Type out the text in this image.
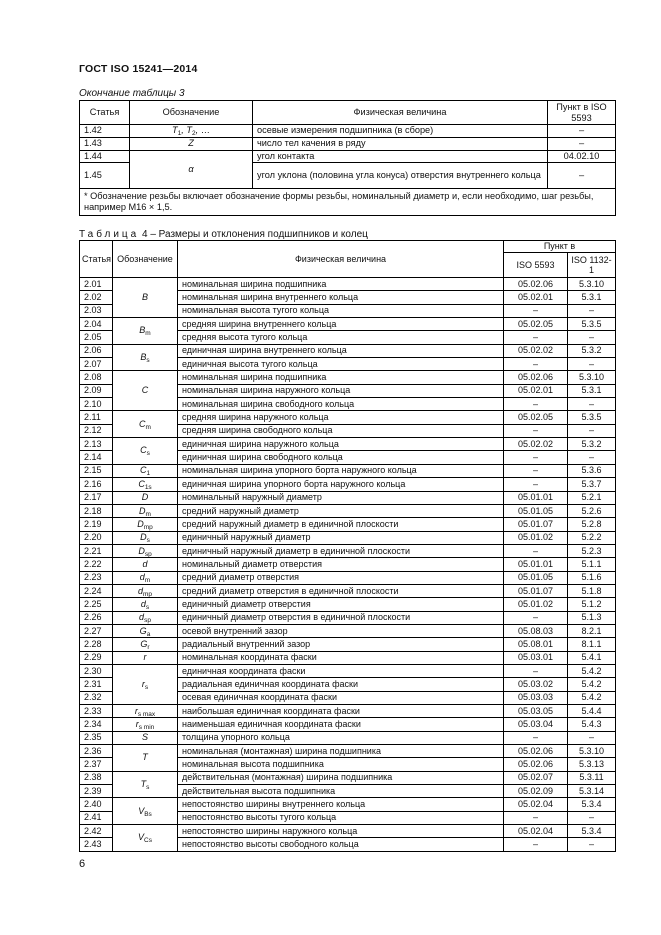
ГОСТ ISO 15241—2014
Окончание таблицы 3
Статья	Обозначение	Физическая величина	Пункт в ISO 5593
1.42	$T_1$, $T_2$, …	осевые измерения подшипника (в сборе)	–
1.43	Z	число тел качения в ряду	–
1.44	α	угол контакта	04.02.10
1.45		угол уклона (половина угла конуса) отверстия внутреннего кольца	–
* Обозначение резьбы включает обозначение формы резьбы, номинальный диаметр и, если необходимо, шаг резьбы, например M16 × 1,5.			
Таблица 4 – Размеры и отклонения подшипников и колец
Статья	Обозначение	Физическая величина	Пункт в	
			ISO 5593	ISO 1132-1
2.01	B	номинальная ширина подшипника	05.02.06	5.3.10
2.02		номинальная ширина внутреннего кольца	05.02.01	5.3.1
2.03		номинальная высота тугого кольца	–	–
2.04	$B_m$	средняя ширина внутреннего кольца	05.02.05	5.3.5
2.05		средняя высота тугого кольца	–	–
2.06	$B_s$	единичная ширина внутреннего кольца	05.02.02	5.3.2
2.07		единичная высота тугого кольца	–	–
2.08	C	номинальная ширина подшипника	05.02.06	5.3.10
2.09		номинальная ширина наружного кольца	05.02.01	5.3.1
2.10		номинальная ширина свободного кольца	–	–
2.11	$C_m$	средняя ширина наружного кольца	05.02.05	5.3.5
2.12		средняя ширина свободного кольца	–	–
2.13	$C_s$	единичная ширина наружного кольца	05.02.02	5.3.2
2.14		единичная ширина свободного кольца	–	–
2.15	$C_1$	номинальная ширина упорного борта наружного кольца	–	5.3.6
2.16	$C_{1s}$	единичная ширина упорного борта наружного кольца	–	5.3.7
2.17	D	номинальный наружный диаметр	05.01.01	5.2.1
2.18	$D_m$	средний наружный диаметр	05.01.05	5.2.6
2.19	$D_{mp}$	средний наружный диаметр в единичной плоскости	05.01.07	5.2.8
2.20	$D_s$	единичный наружный диаметр	05.01.02	5.2.2
2.21	$D_{sp}$	единичный наружный диаметр в единичной плоскости	–	5.2.3
2.22	d	номинальный диаметр отверстия	05.01.01	5.1.1
2.23	$d_m$	средний диаметр отверстия	05.01.05	5.1.6
2.24	$d_{mp}$	средний диаметр отверстия в единичной плоскости	05.01.07	5.1.8
2.25	$d_s$	единичный диаметр отверстия	05.01.02	5.1.2
2.26	$d_{sp}$	единичный диаметр отверстия в единичной плоскости	–	5.1.3
2.27	$G_a$	осевой внутренний зазор	05.08.03	8.2.1
2.28	$G_r$	радиальный внутренний зазор	05.08.01	8.1.1
2.29	r	номинальная координата фаски	05.03.01	5.4.1
2.30	$r_s$	единичная координата фаски	–	5.4.2
2.31		радиальная единичная координата фаски	05.03.02	5.4.2
2.32		осевая единичная координата фаски	05.03.03	5.4.2
2.33	$r_{s max}$	наибольшая единичная координата фаски	05.03.05	5.4.4
2.34	$r_{s min}$	наименьшая единичная координата фаски	05.03.04	5.4.3
2.35	S	толщина упорного кольца	–	–
2.36	T	номинальная (монтажная) ширина подшипника	05.02.06	5.3.10
2.37		номинальная высота подшипника	05.02.06	5.3.13
2.38	$T_s$	действительная (монтажная) ширина подшипника	05.02.07	5.3.11
2.39		действительная высота подшипника	05.02.09	5.3.14
2.40	$V_{Bs}$	непостоянство ширины внутреннего кольца	05.02.04	5.3.4
2.41		непостоянство высоты тугого кольца	–	–
2.42	$V_{Cs}$	непостоянство ширины наружного кольца	05.02.04	5.3.4
2.43		непостоянство высоты свободного кольца	–	–
6
